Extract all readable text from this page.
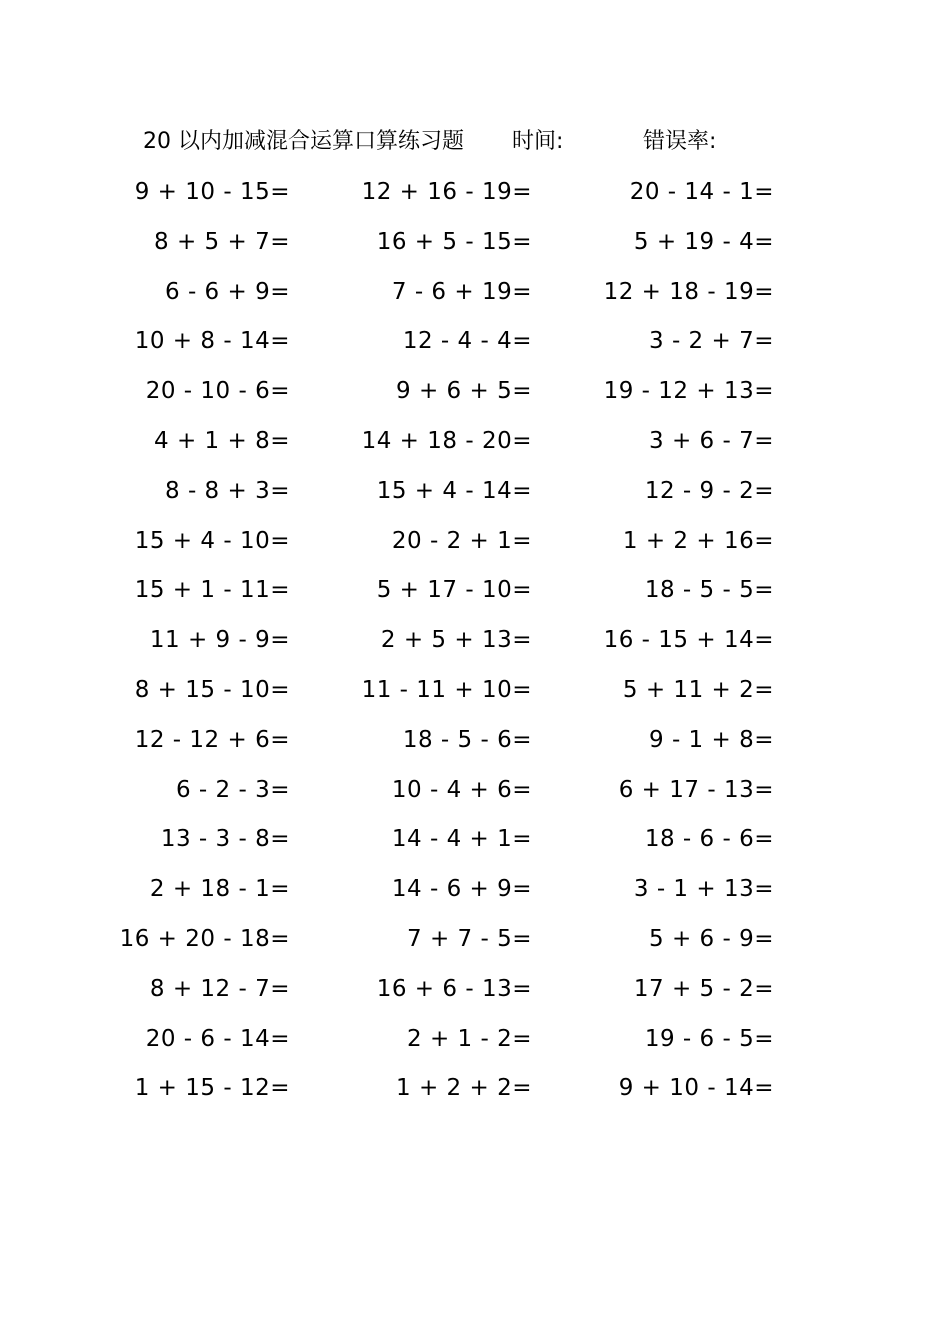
20 以内加减混合运算口算练习题 时间:	错误率:
9 + 10 - 15=	12 + 16 - 19=	20 - 14 - 1=
8 + 5 + 7=	16 + 5 - 15=	5 + 19 - 4=
6 - 6 + 9=	7 - 6 + 19=	12 + 18 - 19=
10 + 8 - 14=	12 - 4 - 4=	3 - 2 + 7=
20 - 10 - 6=	9 + 6 + 5=	19 - 12 + 13=
4 + 1 + 8=	14 + 18 - 20=	3 + 6 - 7=
8 - 8 + 3=	15 + 4 - 14=	12 - 9 - 2=
15 + 4 - 10=	20 - 2 + 1=	1 + 2 + 16=
15 + 1 - 11=	5 + 17 - 10=	18 - 5 - 5=
11 + 9 - 9=	2 + 5 + 13=	16 - 15 + 14=
8 + 15 - 10=	11 - 11 + 10=	5 + 11 + 2=
12 - 12 + 6=	18 - 5 - 6=	9 - 1 + 8=
6 - 2 - 3=	10 - 4 + 6=	6 + 17 - 13=
13 - 3 - 8=	14 - 4 + 1=	18 - 6 - 6=
2 + 18 - 1=	14 - 6 + 9=	3 - 1 + 13=
16 + 20 - 18=	7 + 7 - 5=	5 + 6 - 9=
8 + 12 - 7=	16 + 6 - 13=	17 + 5 - 2=
20 - 6 - 14=	2 + 1 - 2=	19 - 6 - 5=
1 + 15 - 12=	1 + 2 + 2=	9 + 10 - 14=
